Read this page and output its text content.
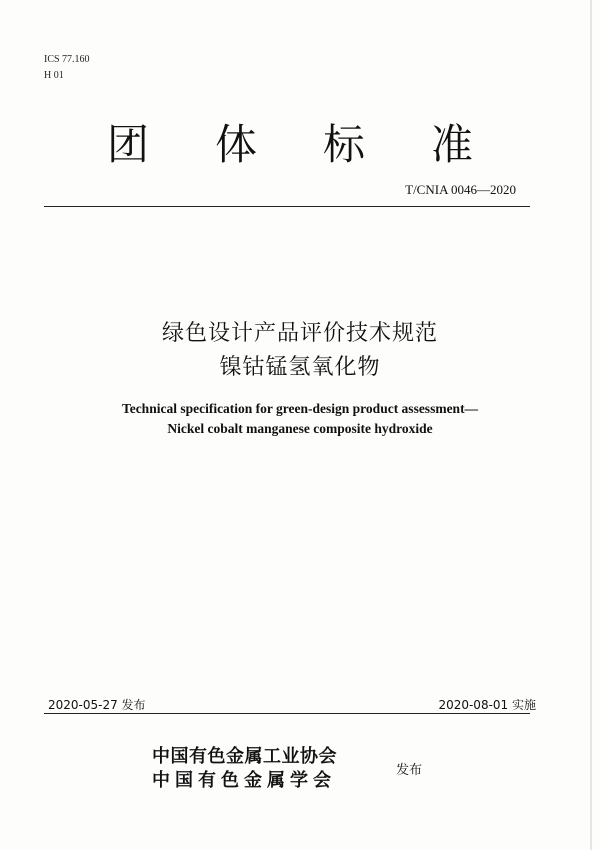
ICS 77.160
H 01
团 体 标 准
T/CNIA 0046—2020
绿色设计产品评价技术规范
镍钴锰氢氧化物
Technical specification for green-design product assessment—
Nickel cobalt manganese composite hydroxide
2020-05-27 发布	2020-08-01 实施
中国有色金属工业协会
中国有色金属学会	发布
